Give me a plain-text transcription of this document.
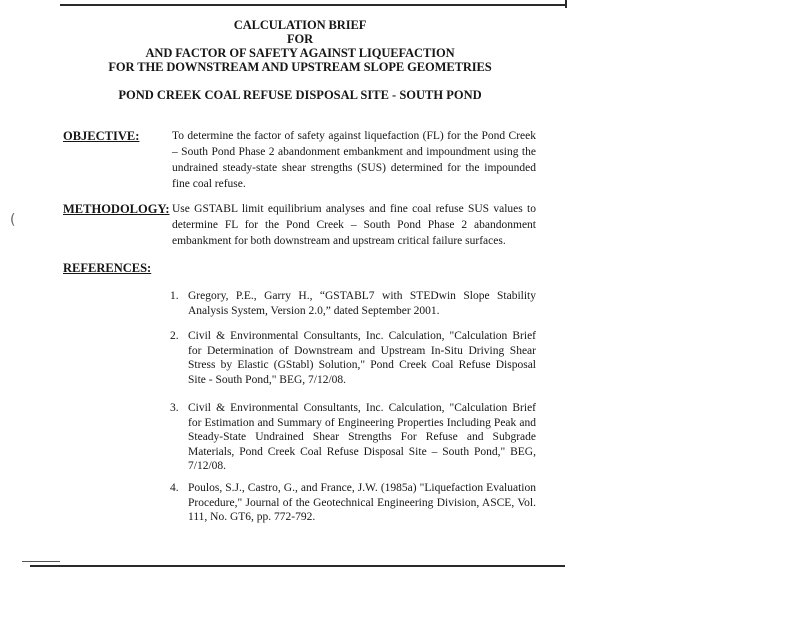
CALCULATION BRIEF
FOR
AND FACTOR OF SAFETY AGAINST LIQUEFACTION
FOR THE DOWNSTREAM AND UPSTREAM SLOPE GEOMETRIES
POND CREEK COAL REFUSE DISPOSAL SITE - SOUTH POND
OBJECTIVE:	To determine the factor of safety against liquefaction (FL) for the Pond Creek – South Pond Phase 2 abandonment embankment and impoundment using the undrained steady-state shear strengths (SUS) determined for the impounded fine coal refuse.
METHODOLOGY: Use GSTABL limit equilibrium analyses and fine coal refuse SUS values to determine FL for the Pond Creek – South Pond Phase 2 abandonment embankment for both downstream and upstream critical failure surfaces.
REFERENCES:
1. Gregory, P.E., Garry H., “GSTABL7 with STEDwin Slope Stability Analysis System, Version 2.0,” dated September 2001.
2. Civil & Environmental Consultants, Inc. Calculation, "Calculation Brief for Determination of Downstream and Upstream In-Situ Driving Shear Stress by Elastic (GStabl) Solution," Pond Creek Coal Refuse Disposal Site - South Pond," BEG, 7/12/08.
3. Civil & Environmental Consultants, Inc. Calculation, "Calculation Brief for Estimation and Summary of Engineering Properties Including Peak and Steady-State Undrained Shear Strengths For Refuse and Subgrade Materials, Pond Creek Coal Refuse Disposal Site – South Pond," BEG, 7/12/08.
4. Poulos, S.J., Castro, G., and France, J.W. (1985a) "Liquefaction Evaluation Procedure," Journal of the Geotechnical Engineering Division, ASCE, Vol. 111, No. GT6, pp. 772-792.
(
